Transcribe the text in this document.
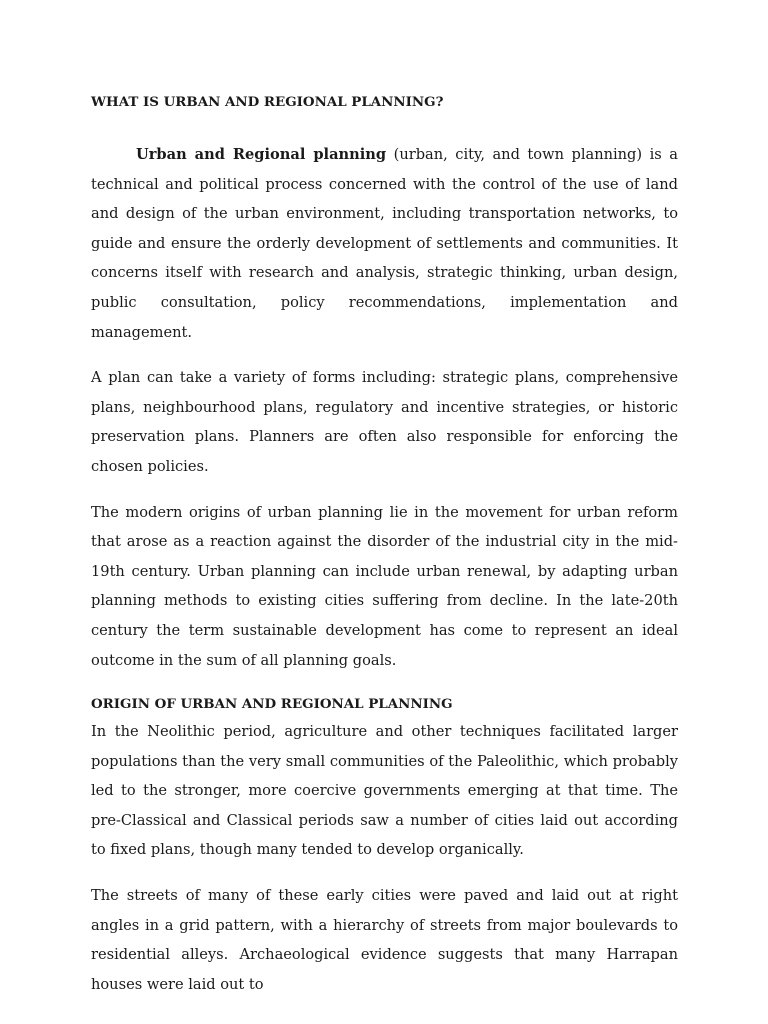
WHAT IS URBAN AND REGIONAL PLANNING?

Urban and Regional planning (urban, city, and town planning) is a technical and political process concerned with the control of the use of land and design of the urban environment, including transportation networks, to guide and ensure the orderly development of settlements and communities. It concerns itself with research and analysis, strategic thinking, urban design, public consultation, policy recommendations, implementation and management.

A plan can take a variety of forms including: strategic plans, comprehensive plans, neighbourhood plans, regulatory and incentive strategies, or historic preservation plans. Planners are often also responsible for enforcing the chosen policies.

The modern origins of urban planning lie in the movement for urban reform that arose as a reaction against the disorder of the industrial city in the mid-19th century. Urban planning can include urban renewal, by adapting urban planning methods to existing cities suffering from decline. In the late-20th century the term sustainable development has come to represent an ideal outcome in the sum of all planning goals.

ORIGIN OF URBAN AND REGIONAL PLANNING

In the Neolithic period, agriculture and other techniques facilitated larger populations than the very small communities of the Paleolithic, which probably led to the stronger, more coercive governments emerging at that time. The pre-Classical and Classical periods saw a number of cities laid out according to fixed plans, though many tended to develop organically.

The streets of many of these early cities were paved and laid out at right angles in a grid pattern, with a hierarchy of streets from major boulevards to residential alleys. Archaeological evidence suggests that many Harrapan houses were laid out to
